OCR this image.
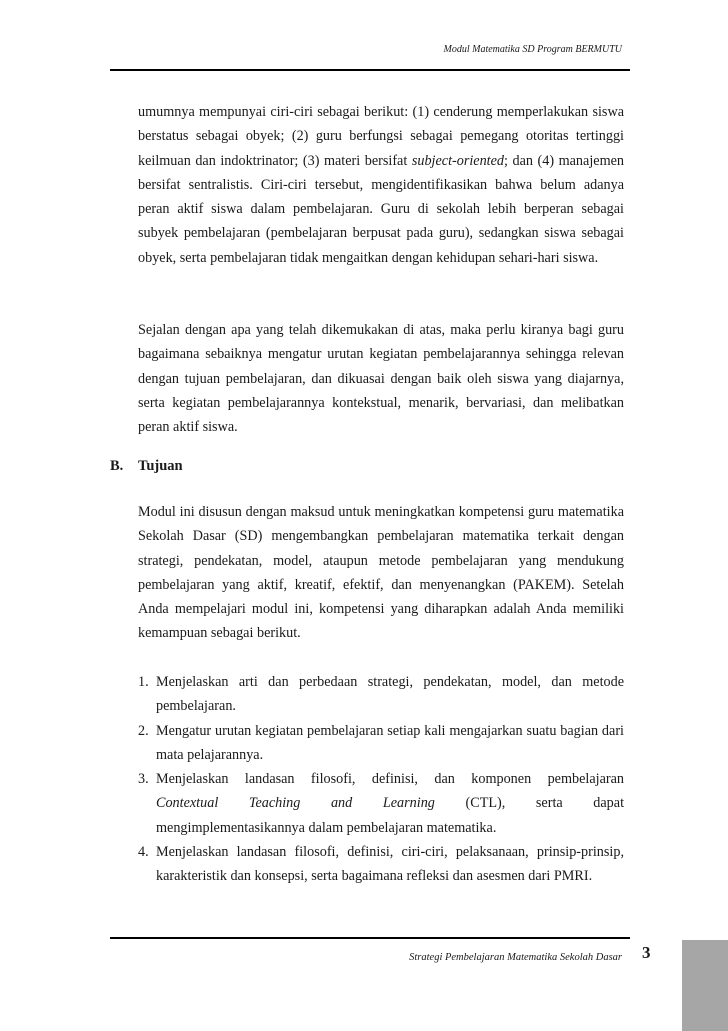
Modul Matematika SD Program BERMUTU

umumnya mempunyai ciri-ciri sebagai berikut: (1) cenderung memperlakukan siswa berstatus sebagai obyek; (2) guru berfungsi sebagai pemegang otoritas tertinggi keilmuan dan indoktrinator; (3) materi bersifat subject-oriented; dan (4) manajemen bersifat sentralistis. Ciri-ciri tersebut, mengidentifikasikan bahwa belum adanya peran aktif siswa dalam pembelajaran. Guru di sekolah lebih berperan sebagai subyek pembelajaran (pembelajaran berpusat pada guru), sedangkan siswa sebagai obyek, serta pembelajaran tidak mengaitkan dengan kehidupan sehari-hari siswa.

Sejalan dengan apa yang telah dikemukakan di atas, maka perlu kiranya bagi guru bagaimana sebaiknya mengatur urutan kegiatan pembelajarannya sehingga relevan dengan tujuan pembelajaran, dan dikuasai dengan baik oleh siswa yang diajarnya, serta kegiatan pembelajarannya kontekstual, menarik, bervariasi, dan melibatkan peran aktif siswa.

B. Tujuan

Modul ini disusun dengan maksud untuk meningkatkan kompetensi guru matematika Sekolah Dasar (SD) mengembangkan pembelajaran matematika terkait dengan strategi, pendekatan, model, ataupun metode pembelajaran yang mendukung pembelajaran yang aktif, kreatif, efektif, dan menyenangkan (PAKEM). Setelah Anda mempelajari modul ini, kompetensi yang diharapkan adalah Anda memiliki kemampuan sebagai berikut.

1. Menjelaskan arti dan perbedaan strategi, pendekatan, model, dan metode pembelajaran.
2. Mengatur urutan kegiatan pembelajaran setiap kali mengajarkan suatu bagian dari mata pelajarannya.
3. Menjelaskan landasan filosofi, definisi, dan komponen pembelajaran
Contextual Teaching and Learning (CTL), serta dapat
mengimplementasikannya dalam pembelajaran matematika.
4. Menjelaskan landasan filosofi, definisi, ciri-ciri, pelaksanaan, prinsip-prinsip, karakteristik dan konsepsi, serta bagaimana refleksi dan asesmen dari PMRI.
Strategi Pembelajaran Matematika Sekolah Dasar 3
